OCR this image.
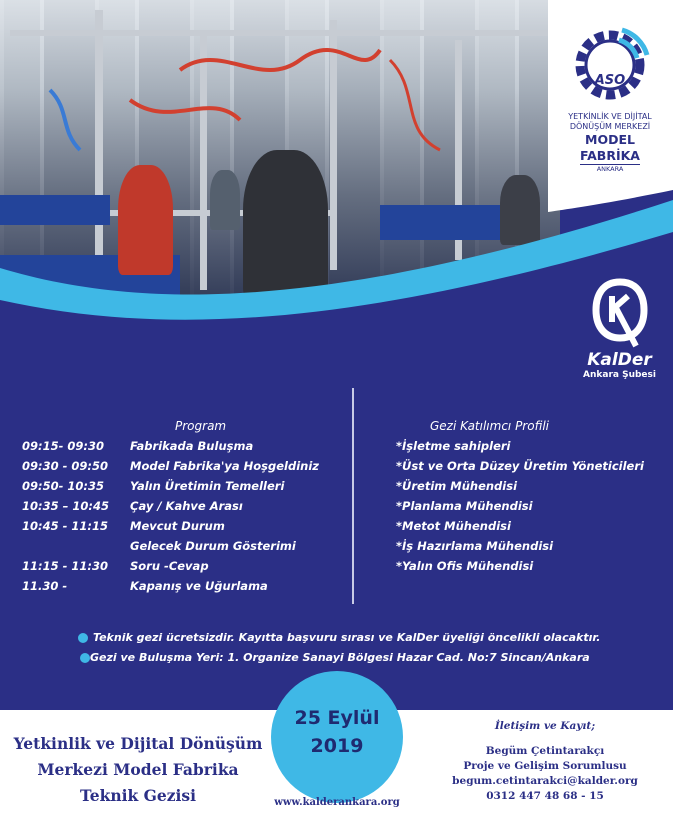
ASO
YETKİNLİK VE DİJİTAL
DÖNÜŞÜM MERKEZİ
MODEL FABRİKA
ANKARA
KalDer
Ankara Şubesi
Program
09:15- 09:30 Fabrikada Buluşma
09:30 - 09:50 Model Fabrika'ya Hoşgeldiniz
09:50- 10:35 Yalın Üretimin Temelleri
10:35 – 10:45 Çay / Kahve Arası
10:45 - 11:15 Mevcut Durum
Gelecek Durum Gösterimi
11:15 - 11:30 Soru -Cevap
11.30 -	Kapanış ve Uğurlama
Gezi Katılımcı Profili
*İşletme sahipleri
*Üst ve Orta Düzey Üretim Yöneticileri
*Üretim Mühendisi
*Planlama Mühendisi
*Metot Mühendisi
*İş Hazırlama Mühendisi
*Yalın Ofis Mühendisi
Teknik gezi ücretsizdir. Kayıtta başvuru sırası ve KalDer üyeliği öncelikli olacaktır.
Gezi ve Buluşma Yeri: 1. Organize Sanayi Bölgesi Hazar Cad. No:7 Sincan/Ankara
Yetkinlik ve Dijital Dönüşüm
Merkezi Model Fabrika
Teknik Gezisi
25 Eylül
2019
www.kalderankara.org
İletişim ve Kayıt;
Begüm Çetintarakçı
Proje ve Gelişim Sorumlusu
begum.cetintarakci@kalder.org
0312 447 48 68 - 15
